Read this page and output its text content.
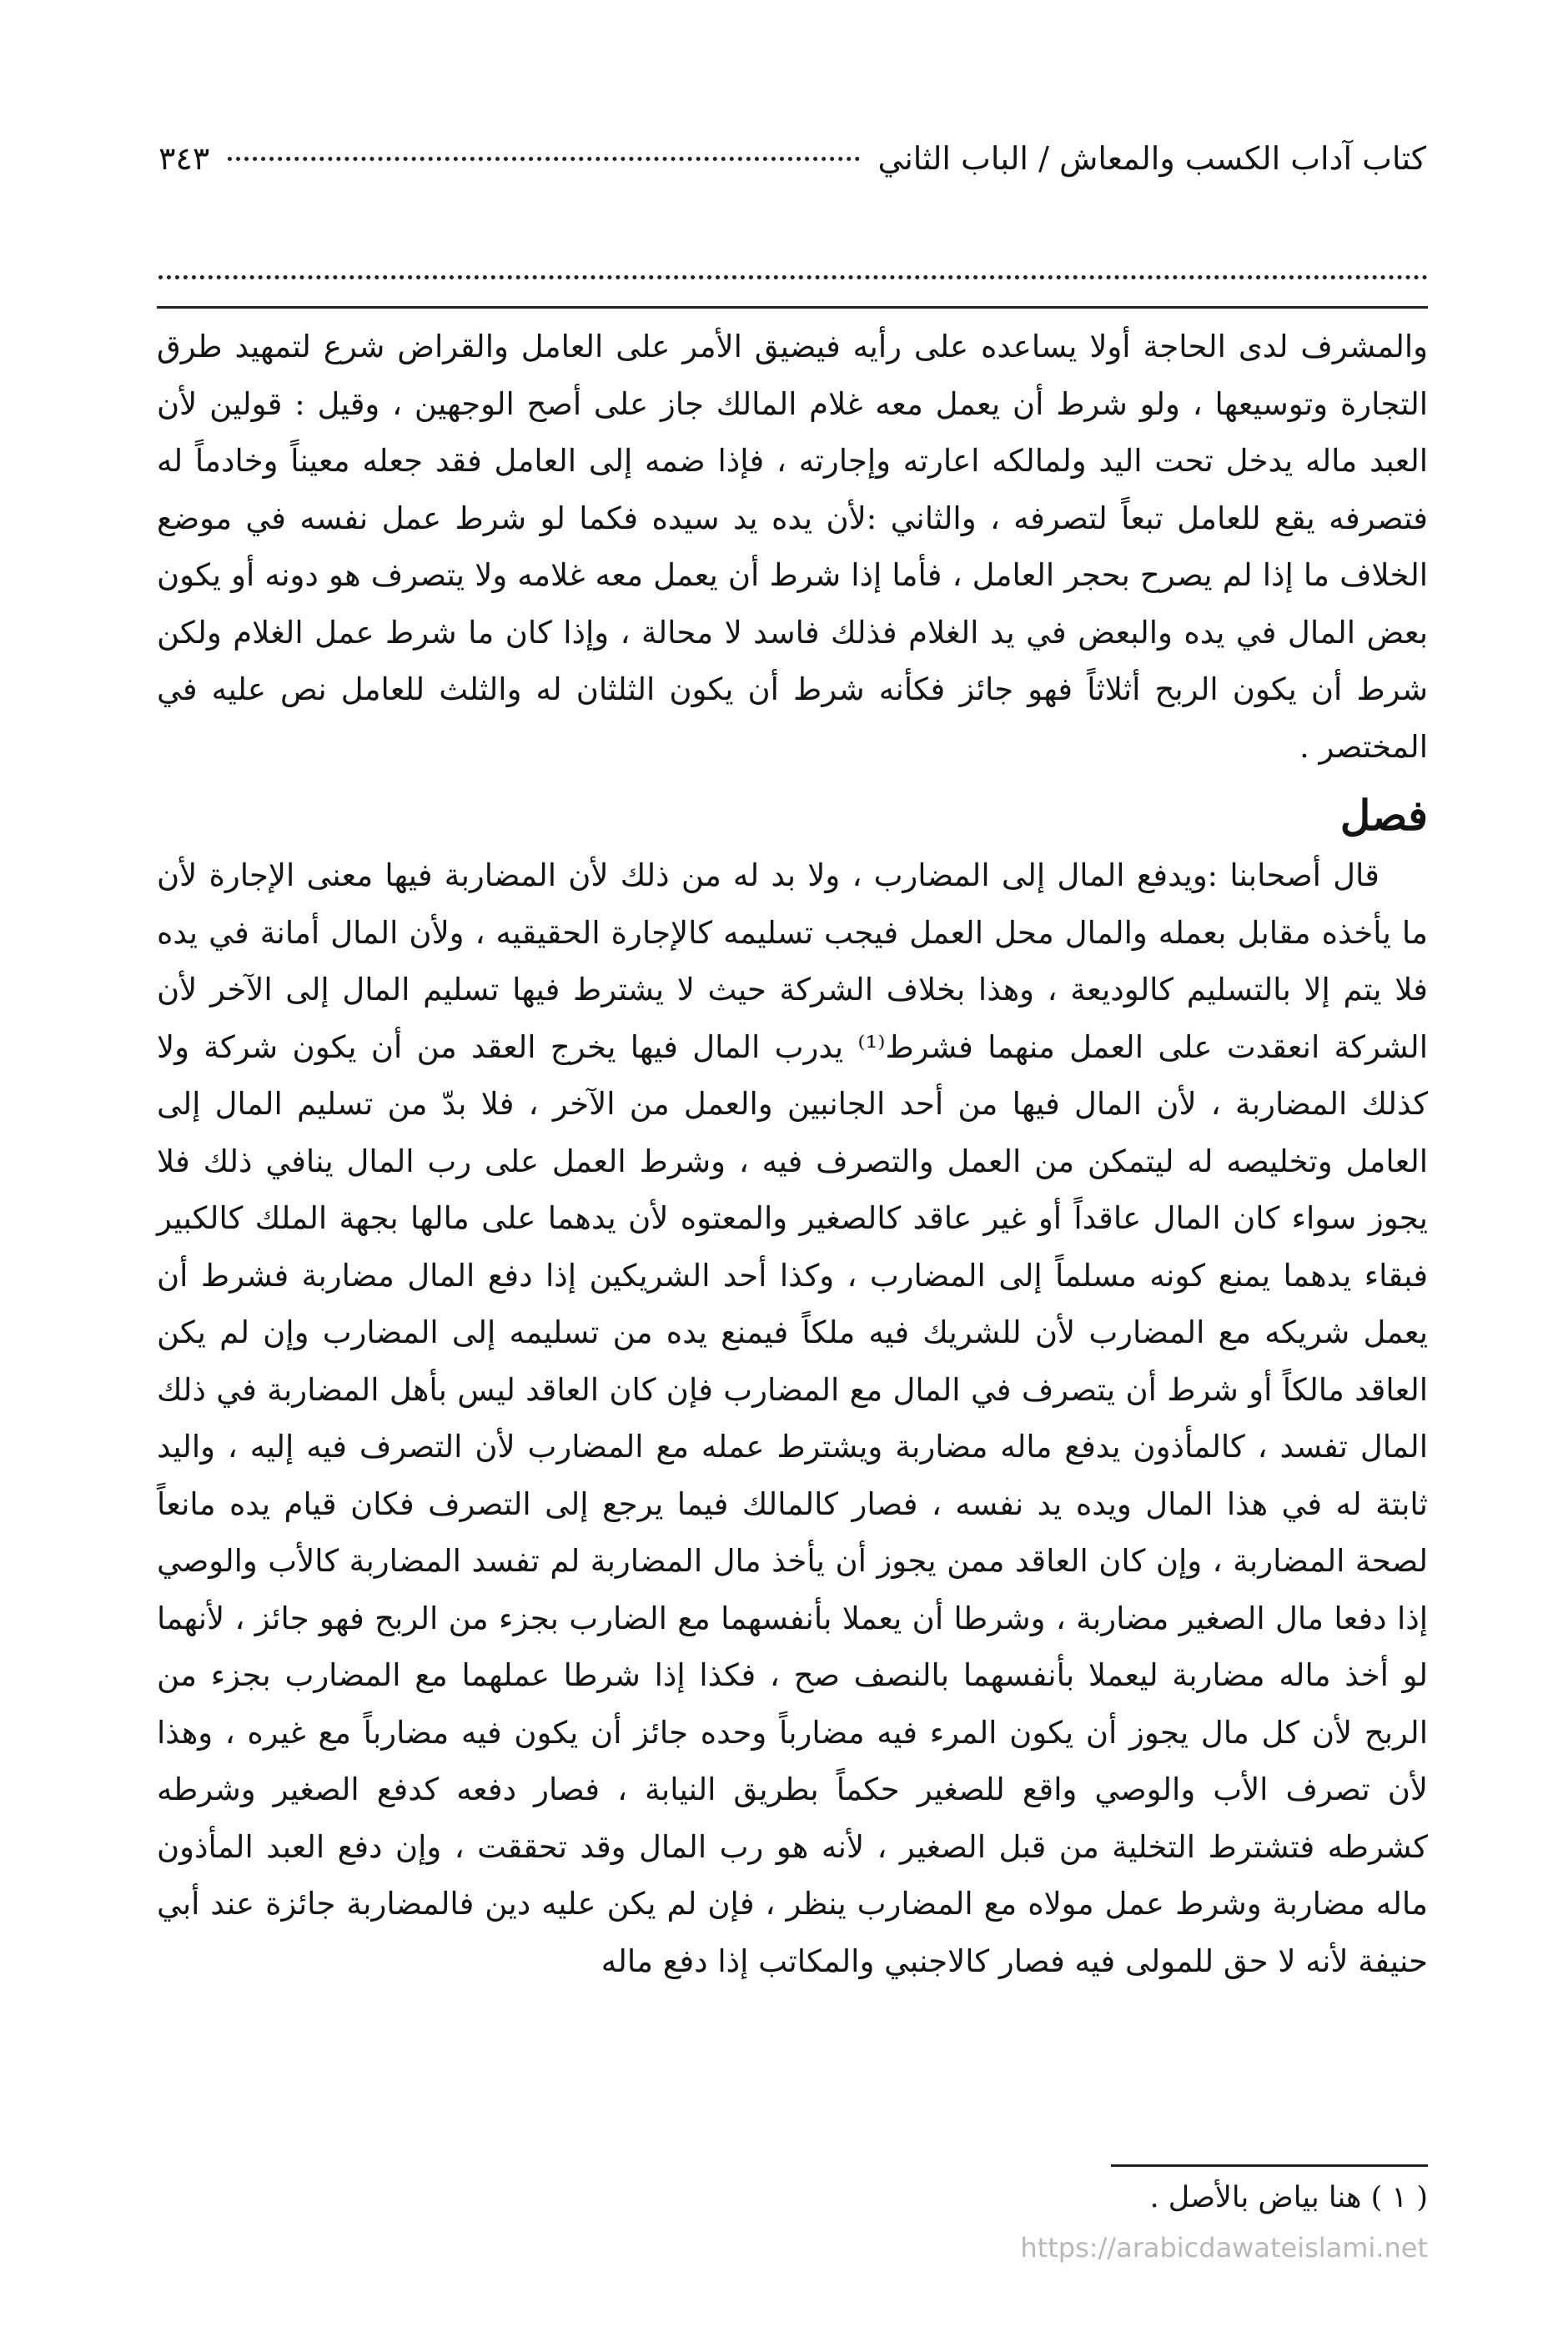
كتاب آداب الكسب والمعاش / الباب الثاني
٣٤٣

والمشرف لدى الحاجة أولا يساعده على رأيه فيضيق الأمر على العامل والقراض شرع لتمهيد طرق التجارة وتوسيعها ، ولو شرط أن يعمل معه غلام المالك جاز على أصح الوجهين ، وقيل : قولين لأن العبد ماله يدخل تحت اليد ولمالكه اعارته وإجارته ، فإذا ضمه إلى العامل فقد جعله معيناً وخادماً له فتصرفه يقع للعامل تبعاً لتصرفه ، والثاني :لأن يده يد سيده فكما لو شرط عمل نفسه في موضع الخلاف ما إذا لم يصرح بحجر العامل ، فأما إذا شرط أن يعمل معه غلامه ولا يتصرف هو دونه أو يكون بعض المال في يده والبعض في يد الغلام فذلك فاسد لا محالة ، وإذا كان ما شرط عمل الغلام ولكن شرط أن يكون الربح أثلاثاً فهو جائز فكأنه شرط أن يكون الثلثان له والثلث للعامل نص عليه في المختصر .

فصل

قال أصحابنا :ويدفع المال إلى المضارب ، ولا بد له من ذلك لأن المضاربة فيها معنى الإجارة لأن ما يأخذه مقابل بعمله والمال محل العمل فيجب تسليمه كالإجارة الحقيقيه ، ولأن المال أمانة في يده فلا يتم إلا بالتسليم كالوديعة ، وهذا بخلاف الشركة حيث لا يشترط فيها تسليم المال إلى الآخر لأن الشركة انعقدت على العمل منهما فشرط⁽¹⁾ يدرب المال فيها يخرج العقد من أن يكون شركة ولا كذلك المضاربة ، لأن المال فيها من أحد الجانبين والعمل من الآخر ، فلا بدّ من تسليم المال إلى العامل وتخليصه له ليتمكن من العمل والتصرف فيه ، وشرط العمل على رب المال ينافي ذلك فلا يجوز سواء كان المال عاقداً أو غير عاقد كالصغير والمعتوه لأن يدهما على مالها بجهة الملك كالكبير فبقاء يدهما يمنع كونه مسلماً إلى المضارب ، وكذا أحد الشريكين إذا دفع المال مضاربة فشرط أن يعمل شريكه مع المضارب لأن للشريك فيه ملكاً فيمنع يده من تسليمه إلى المضارب وإن لم يكن العاقد مالكاً أو شرط أن يتصرف في المال مع المضارب فإن كان العاقد ليس بأهل المضاربة في ذلك المال تفسد ، كالمأذون يدفع ماله مضاربة ويشترط عمله مع المضارب لأن التصرف فيه إليه ، واليد ثابتة له في هذا المال ويده يد نفسه ، فصار كالمالك فيما يرجع إلى التصرف فكان قيام يده مانعاً لصحة المضاربة ، وإن كان العاقد ممن يجوز أن يأخذ مال المضاربة لم تفسد المضاربة كالأب والوصي إذا دفعا مال الصغير مضاربة ، وشرطا أن يعملا بأنفسهما مع الضارب بجزء من الربح فهو جائز ، لأنهما لو أخذ ماله مضاربة ليعملا بأنفسهما بالنصف صح ، فكذا إذا شرطا عملهما مع المضارب بجزء من الربح لأن كل مال يجوز أن يكون المرء فيه مضارباً وحده جائز أن يكون فيه مضارباً مع غيره ، وهذا لأن تصرف الأب والوصي واقع للصغير حكماً بطريق النيابة ، فصار دفعه كدفع الصغير وشرطه كشرطه فتشترط التخلية من قبل الصغير ، لأنه هو رب المال وقد تحققت ، وإن دفع العبد المأذون ماله مضاربة وشرط عمل مولاه مع المضارب ينظر ، فإن لم يكن عليه دين فالمضاربة جائزة عند أبي حنيفة لأنه لا حق للمولى فيه فصار كالاجنبي والمكاتب إذا دفع ماله

( ١ ) هنا بياض بالأصل .
https://arabicdawateislami.net
